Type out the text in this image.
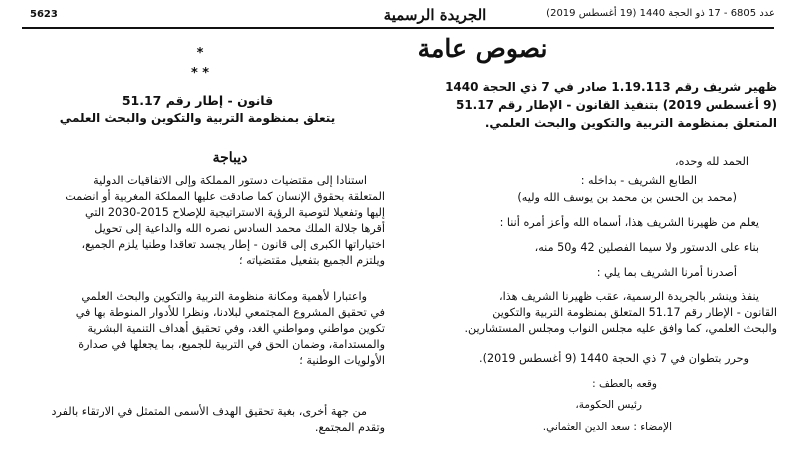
5623	الجريدة الرسمية	عدد 6805 - 17 ذو الحجة 1440 (19 أغسطس 2019)
نصوص عامة
ظهير شريف رقم 1.19.113 صادر في 7 ذي الحجة 1440
(9 أغسطس 2019) بتنفيذ القانون - الإطار رقم 51.17
المتعلق بمنظومة التربية والتكوين والبحث العلمي.
الحمد لله وحده،
الطابع الشريف - بداخله :
(محمد بن الحسن بن محمد بن يوسف الله وليه)
يعلم من ظهيرنا الشريف هذا، أسماه الله وأعز أمره أننا :
بناء على الدستور ولا سيما الفصلين 42 و50 منه،
أصدرنا أمرنا الشريف بما يلي :
ينفذ وينشر بالجريدة الرسمية، عقب ظهيرنا الشريف هذا،
القانون - الإطار رقم 51.17 المتعلق بمنظومة التربية والتكوين
والبحث العلمي، كما وافق عليه مجلس النواب ومجلس المستشارين.
وحرر بتطوان في 7 ذي الحجة 1440 (9 أغسطس 2019).
وقعه بالعطف :
رئيس الحكومة،
الإمضاء : سعد الدين العثماني.
*
* *
قانون - إطار رقم 51.17
يتعلق بمنظومة التربية والتكوين والبحث العلمي
ديباجة
استنادا إلى مقتضيات دستور المملكة وإلى الاتفاقيات الدولية
المتعلقة بحقوق الإنسان كما صادقت عليها المملكة المغربية أو انضمت
إليها وتفعيلا لتوصية الرؤية الاستراتيجية للإصلاح 2015-2030 التي
أقرها جلالة الملك محمد السادس نصره الله والداعية إلى تحويل
اختياراتها الكبرى إلى قانون - إطار يجسد تعاقدا وطنيا يلزم الجميع،
ويلتزم الجميع بتفعيل مقتضياته ؛
واعتبارا لأهمية ومكانة منظومة التربية والتكوين والبحث العلمي
في تحقيق المشروع المجتمعي لبلادنا، ونظرا للأدوار المنوطة بها في
تكوين مواطني ومواطني الغد، وفي تحقيق أهداف التنمية البشرية
والمستدامة، وضمان الحق في التربية للجميع، بما يجعلها في صدارة
الأولويات الوطنية ؛
من جهة أخرى، بغية تحقيق الهدف الأسمى المتمثل في الارتقاء بالفرد
وتقدم المجتمع.
